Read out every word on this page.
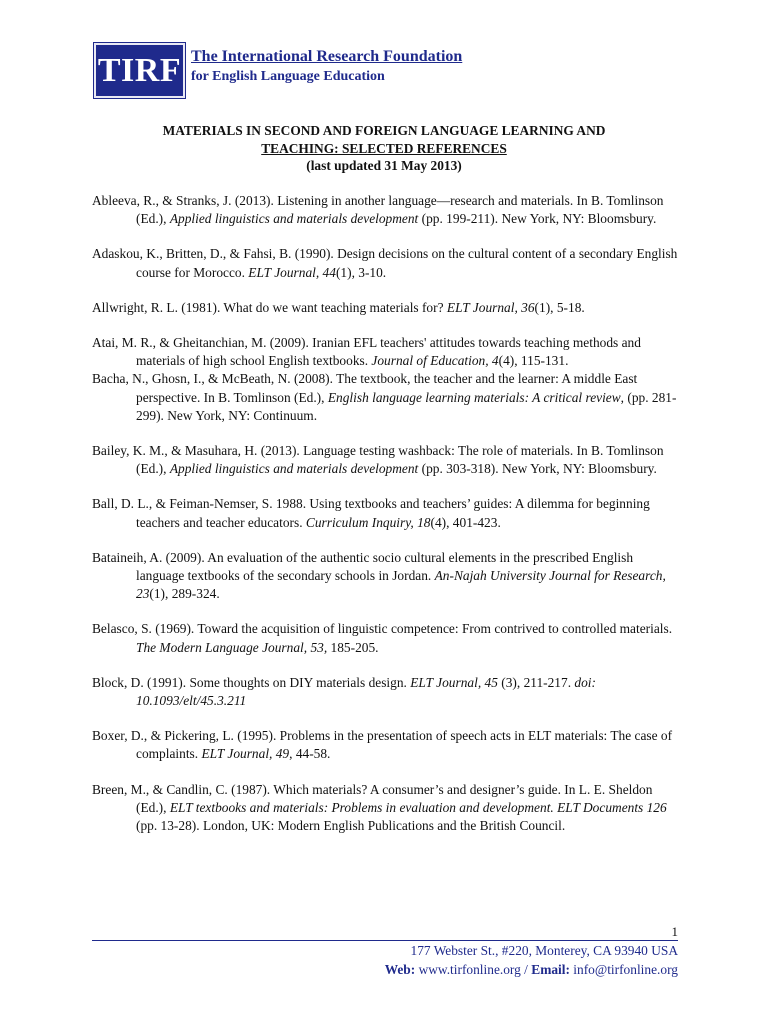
TIRF The International Research Foundation
for English Language Education
MATERIALS IN SECOND AND FOREIGN LANGUAGE LEARNING AND
TEACHING: SELECTED REFERENCES
(last updated 31 May 2013)

Ableeva, R., & Stranks, J. (2013). Listening in another language—research and materials. In B. Tomlinson (Ed.), Applied linguistics and materials development (pp. 199-211). New York, NY: Bloomsbury.

Adaskou, K., Britten, D., & Fahsi, B. (1990). Design decisions on the cultural content of a secondary English course for Morocco. ELT Journal, 44(1), 3-10.

Allwright, R. L. (1981). What do we want teaching materials for? ELT Journal, 36(1), 5-18.

Atai, M. R., & Gheitanchian, M. (2009). Iranian EFL teachers' attitudes towards teaching methods and materials of high school English textbooks. Journal of Education, 4(4), 115-131.

Bacha, N., Ghosn, I., & McBeath, N. (2008). The textbook, the teacher and the learner: A middle East perspective. In B. Tomlinson (Ed.), English language learning materials: A critical review, (pp. 281-299). New York, NY: Continuum.

Bailey, K. M., & Masuhara, H. (2013). Language testing washback: The role of materials. In B. Tomlinson (Ed.), Applied linguistics and materials development (pp. 303-318). New York, NY: Bloomsbury.

Ball, D. L., & Feiman-Nemser, S. 1988. Using textbooks and teachers’ guides: A dilemma for beginning teachers and teacher educators. Curriculum Inquiry, 18(4), 401-423.

Bataineih, A. (2009). An evaluation of the authentic socio cultural elements in the prescribed English language textbooks of the secondary schools in Jordan. An-Najah University Journal for Research, 23(1), 289-324.

Belasco, S. (1969). Toward the acquisition of linguistic competence: From contrived to controlled materials. The Modern Language Journal, 53, 185-205.

Block, D. (1991). Some thoughts on DIY materials design. ELT Journal, 45 (3), 211-217. doi: 10.1093/elt/45.3.211

Boxer, D., & Pickering, L. (1995). Problems in the presentation of speech acts in ELT materials: The case of complaints. ELT Journal, 49, 44-58.

Breen, M., & Candlin, C. (1987). Which materials? A consumer’s and designer’s guide. In L. E. Sheldon (Ed.), ELT textbooks and materials: Problems in evaluation and development. ELT Documents 126 (pp. 13-28). London, UK: Modern English Publications and the British Council.

1
177 Webster St., #220, Monterey, CA 93940 USA
Web: www.tirfonline.org / Email: info@tirfonline.org
